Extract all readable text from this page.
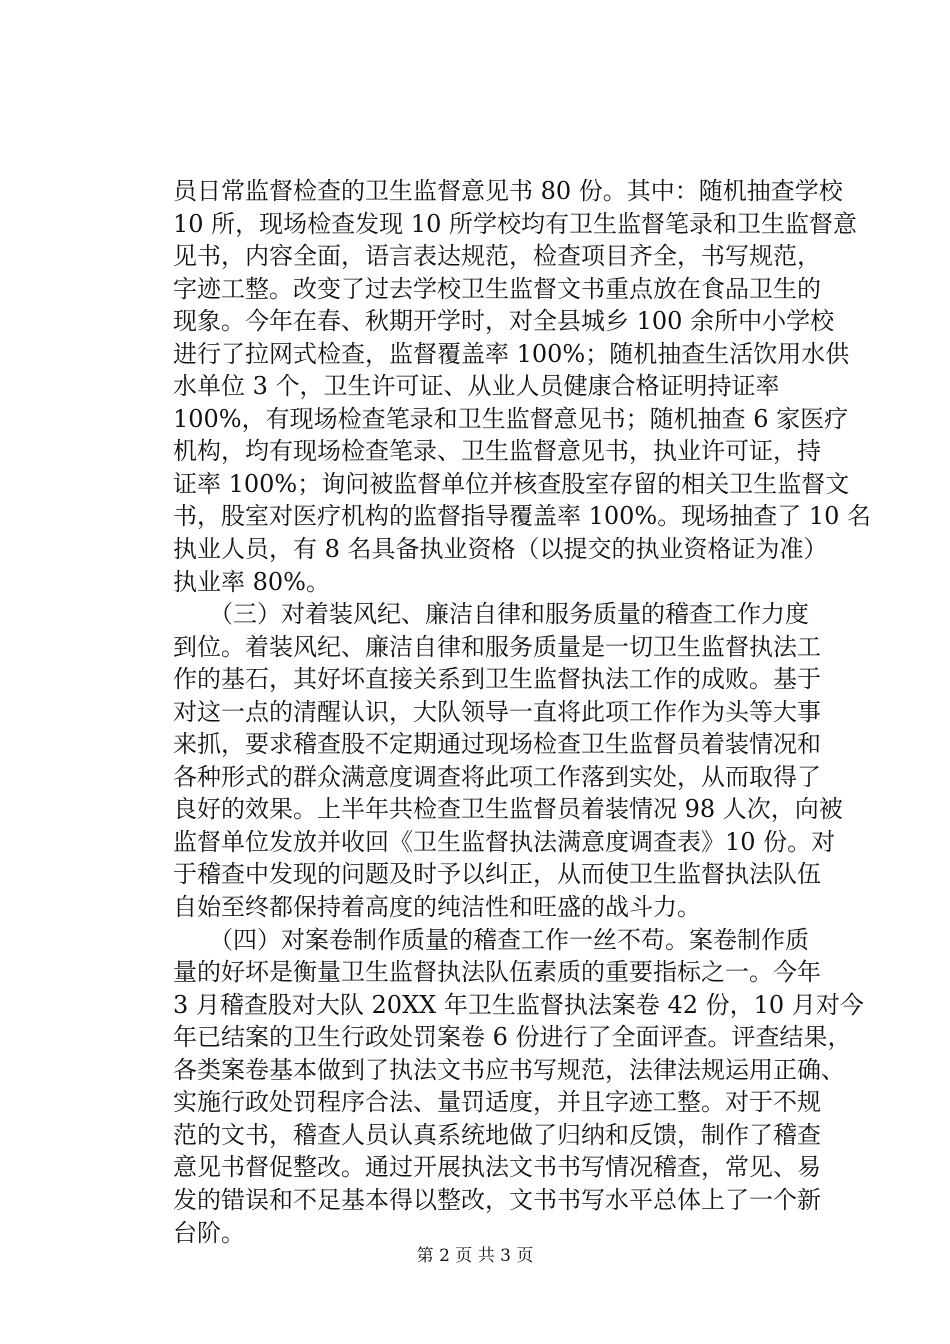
员日常监督检查的卫生监督意见书 80 份。其中：随机抽查学校

10 所，现场检查发现 10 所学校均有卫生监督笔录和卫生监督意

见书，内容全面，语言表达规范，检查项目齐全，书写规范，

字迹工整。改变了过去学校卫生监督文书重点放在食品卫生的

现象。今年在春、秋期开学时，对全县城乡 100 余所中小学校

进行了拉网式检查，监督覆盖率 100%；随机抽查生活饮用水供

水单位 3 个，卫生许可证、从业人员健康合格证明持证率

100%，有现场检查笔录和卫生监督意见书；随机抽查 6 家医疗

机构，均有现场检查笔录、卫生监督意见书，执业许可证，持

证率 100%；询问被监督单位并核查股室存留的相关卫生监督文

书，股室对医疗机构的监督指导覆盖率 100%。现场抽查了 10 名

执业人员，有 8 名具备执业资格（以提交的执业资格证为准）

执业率 80%。

　　（三）对着装风纪、廉洁自律和服务质量的稽查工作力度

到位。着装风纪、廉洁自律和服务质量是一切卫生监督执法工

作的基石，其好坏直接关系到卫生监督执法工作的成败。基于

对这一点的清醒认识，大队领导一直将此项工作作为头等大事

来抓，要求稽查股不定期通过现场检查卫生监督员着装情况和

各种形式的群众满意度调查将此项工作落到实处，从而取得了

良好的效果。上半年共检查卫生监督员着装情况 98 人次，向被

监督单位发放并收回《卫生监督执法满意度调查表》10 份。对

于稽查中发现的问题及时予以纠正，从而使卫生监督执法队伍

自始至终都保持着高度的纯洁性和旺盛的战斗力。

　　（四）对案卷制作质量的稽查工作一丝不苟。案卷制作质

量的好坏是衡量卫生监督执法队伍素质的重要指标之一。今年

3 月稽查股对大队 20XX 年卫生监督执法案卷 42 份，10 月对今

年已结案的卫生行政处罚案卷 6 份进行了全面评查。评查结果，

各类案卷基本做到了执法文书应书写规范，法律法规运用正确、

实施行政处罚程序合法、量罚适度，并且字迹工整。对于不规

范的文书，稽查人员认真系统地做了归纳和反馈，制作了稽查

意见书督促整改。通过开展执法文书书写情况稽查，常见、易

发的错误和不足基本得以整改，文书书写水平总体上了一个新

台阶。

第 2 页 共 3 页
